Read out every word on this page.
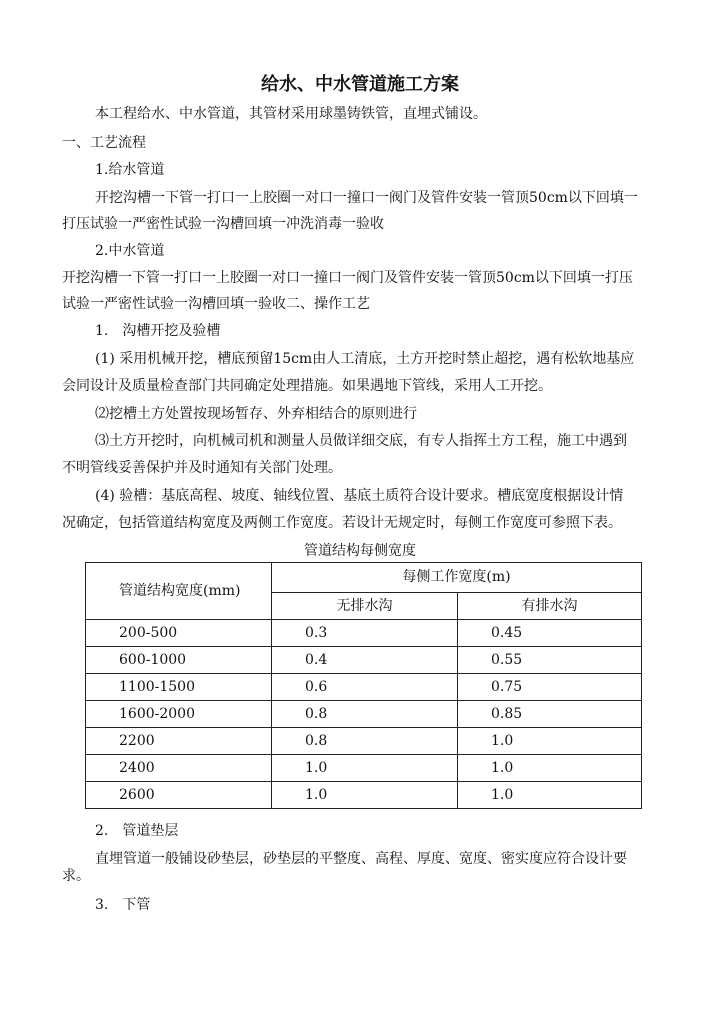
给水、中水管道施工方案
本工程给水、中水管道，其管材采用球墨铸铁管，直埋式铺设。
一、工艺流程
1.给水管道
开挖沟槽一下管一打口一上胶圈一对口一撞口一阀门及管件安装一管顶50cm以下回填一
打压试验一严密性试验一沟槽回填一冲洗消毒一验收
2.中水管道
开挖沟槽一下管一打口一上胶圈一对口一撞口一阀门及管件安装一管顶50cm以下回填一打压
试验一严密性试验一沟槽回填一验收二、操作工艺
1.　沟槽开挖及验槽
(1) 采用机械开挖，槽底预留15cm由人工清底，土方开挖时禁止超挖，遇有松软地基应
会同设计及质量检查部门共同确定处理措施。如果遇地下管线，采用人工开挖。
⑵挖槽土方处置按现场暂存、外弃相结合的原则进行
⑶土方开挖时，向机械司机和测量人员做详细交底，有专人指挥土方工程，施工中遇到
不明管线妥善保护并及时通知有关部门处理。
(4) 验槽：基底高程、坡度、轴线位置、基底土质符合设计要求。槽底宽度根据设计情
况确定，包括管道结构宽度及两侧工作宽度。若设计无规定时，每侧工作宽度可参照下表。
管道结构每侧宽度
管道结构宽度(mm)	每侧工作宽度(m)	
	无排水沟	有排水沟
200-500	0.3	0.45
600-1000	0.4	0.55
1100-1500	0.6	0.75
1600-2000	0.8	0.85
2200	0.8	1.0
2400	1.0	1.0
2600	1.0	1.0
2.　管道垫层
直埋管道一般铺设砂垫层，砂垫层的平整度、高程、厚度、宽度、密实度应符合设计要
求。
3.　下管
